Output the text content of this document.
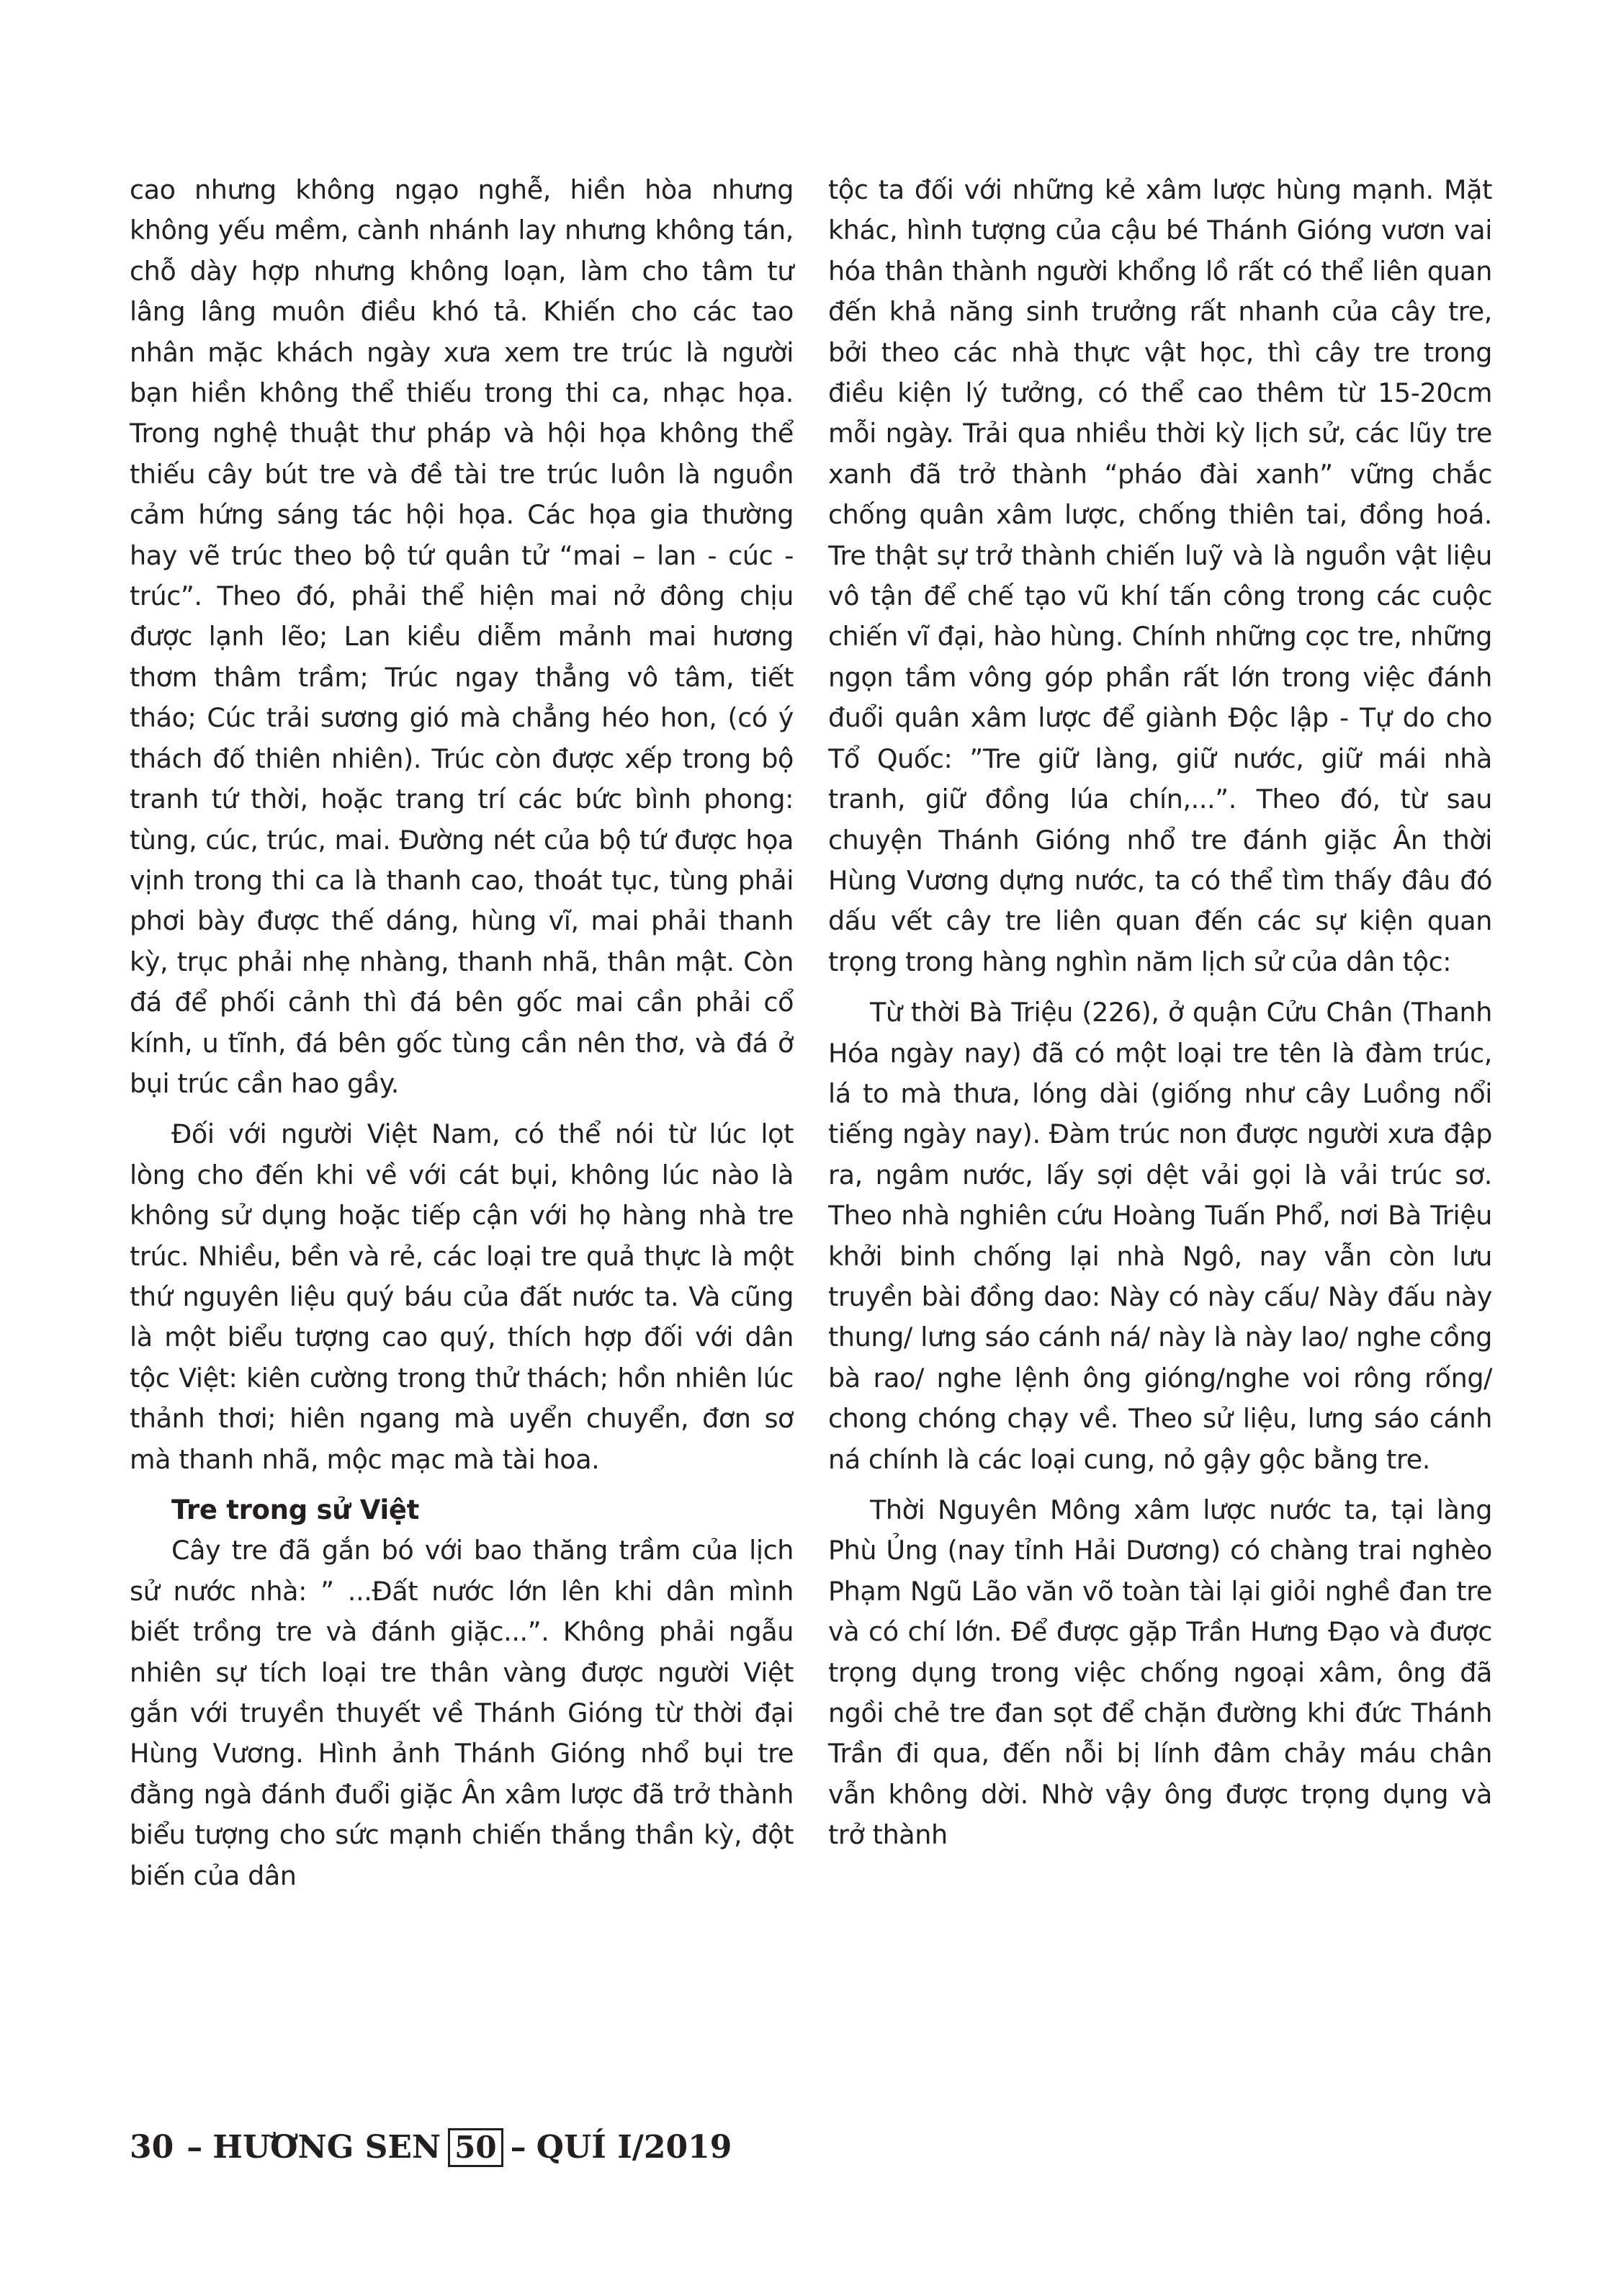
cao nhưng không ngạo nghễ, hiền hòa nhưng không yếu mềm, cành nhánh lay nhưng không tán, chỗ dày hợp nhưng không loạn, làm cho tâm tư lâng lâng muôn điều khó tả. Khiến cho các tao nhân mặc khách ngày xưa xem tre trúc là người bạn hiền không thể thiếu trong thi ca, nhạc họa. Trong nghệ thuật thư pháp và hội họa không thể thiếu cây bút tre và đề tài tre trúc luôn là nguồn cảm hứng sáng tác hội họa. Các họa gia thường hay vẽ trúc theo bộ tứ quân tử “mai – lan - cúc - trúc”. Theo đó, phải thể hiện mai nở đông chịu được lạnh lẽo; Lan kiều diễm mảnh mai hương thơm thâm trầm; Trúc ngay thẳng vô tâm, tiết tháo; Cúc trải sương gió mà chẳng héo hon, (có ý thách đố thiên nhiên). Trúc còn được xếp trong bộ tranh tứ thời, hoặc trang trí các bức bình phong: tùng, cúc, trúc, mai. Đường nét của bộ tứ được họa vịnh trong thi ca là thanh cao, thoát tục, tùng phải phơi bày được thế dáng, hùng vĩ, mai phải thanh kỳ, trục phải nhẹ nhàng, thanh nhã, thân mật. Còn đá để phối cảnh thì đá bên gốc mai cần phải cổ kính, u tĩnh, đá bên gốc tùng cần nên thơ, và đá ở bụi trúc cần hao gầy.

Đối với người Việt Nam, có thể nói từ lúc lọt lòng cho đến khi về với cát bụi, không lúc nào là không sử dụng hoặc tiếp cận với họ hàng nhà tre trúc. Nhiều, bền và rẻ, các loại tre quả thực là một thứ nguyên liệu quý báu của đất nước ta. Và cũng là một biểu tượng cao quý, thích hợp đối với dân tộc Việt: kiên cường trong thử thách; hồn nhiên lúc thảnh thơi; hiên ngang mà uyển chuyển, đơn sơ mà thanh nhã, mộc mạc mà tài hoa.

Tre trong sử Việt

Cây tre đã gắn bó với bao thăng trầm của lịch sử nước nhà: ” ...Đất nước lớn lên khi dân mình biết trồng tre và đánh giặc...”. Không phải ngẫu nhiên sự tích loại tre thân vàng được người Việt gắn với truyền thuyết về Thánh Gióng từ thời đại Hùng Vương. Hình ảnh Thánh Gióng nhổ bụi tre đằng ngà đánh đuổi giặc Ân xâm lược đã trở thành biểu tượng cho sức mạnh chiến thắng thần kỳ, đột biến của dân

tộc ta đối với những kẻ xâm lược hùng mạnh. Mặt khác, hình tượng của cậu bé Thánh Gióng vươn vai hóa thân thành người khổng lồ rất có thể liên quan đến khả năng sinh trưởng rất nhanh của cây tre, bởi theo các nhà thực vật học, thì cây tre trong điều kiện lý tưởng, có thể cao thêm từ 15-20cm mỗi ngày. Trải qua nhiều thời kỳ lịch sử, các lũy tre xanh đã trở thành “pháo đài xanh” vững chắc chống quân xâm lược, chống thiên tai, đồng hoá. Tre thật sự trở thành chiến luỹ và là nguồn vật liệu vô tận để chế tạo vũ khí tấn công trong các cuộc chiến vĩ đại, hào hùng. Chính những cọc tre, những ngọn tầm vông góp phần rất lớn trong việc đánh đuổi quân xâm lược để giành Độc lập - Tự do cho Tổ Quốc: ”Tre giữ làng, giữ nước, giữ mái nhà tranh, giữ đồng lúa chín,...”. Theo đó, từ sau chuyện Thánh Gióng nhổ tre đánh giặc Ân thời Hùng Vương dựng nước, ta có thể tìm thấy đâu đó dấu vết cây tre liên quan đến các sự kiện quan trọng trong hàng nghìn năm lịch sử của dân tộc:

Từ thời Bà Triệu (226), ở quận Cửu Chân (Thanh Hóa ngày nay) đã có một loại tre tên là đàm trúc, lá to mà thưa, lóng dài (giống như cây Luồng nổi tiếng ngày nay). Đàm trúc non được người xưa đập ra, ngâm nước, lấy sợi dệt vải gọi là vải trúc sơ. Theo nhà nghiên cứu Hoàng Tuấn Phổ, nơi Bà Triệu khởi binh chống lại nhà Ngô, nay vẫn còn lưu truyền bài đồng dao: Này có này cấu/ Này đấu này thung/ lưng sáo cánh ná/ này là này lao/ nghe cồng bà rao/ nghe lệnh ông gióng/nghe voi rông rống/ chong chóng chạy về. Theo sử liệu, lưng sáo cánh ná chính là các loại cung, nỏ gậy gộc bằng tre.

Thời Nguyên Mông xâm lược nước ta, tại làng Phù Ủng (nay tỉnh Hải Dương) có chàng trai nghèo Phạm Ngũ Lão văn võ toàn tài lại giỏi nghề đan tre và có chí lớn. Để được gặp Trần Hưng Đạo và được trọng dụng trong việc chống ngoại xâm, ông đã ngồi chẻ tre đan sọt để chặn đường khi đức Thánh Trần đi qua, đến nỗi bị lính đâm chảy máu chân vẫn không dời. Nhờ vậy ông được trọng dụng và trở thành

30 – HƯƠNG SEN 50 – QUÍ I/2019
